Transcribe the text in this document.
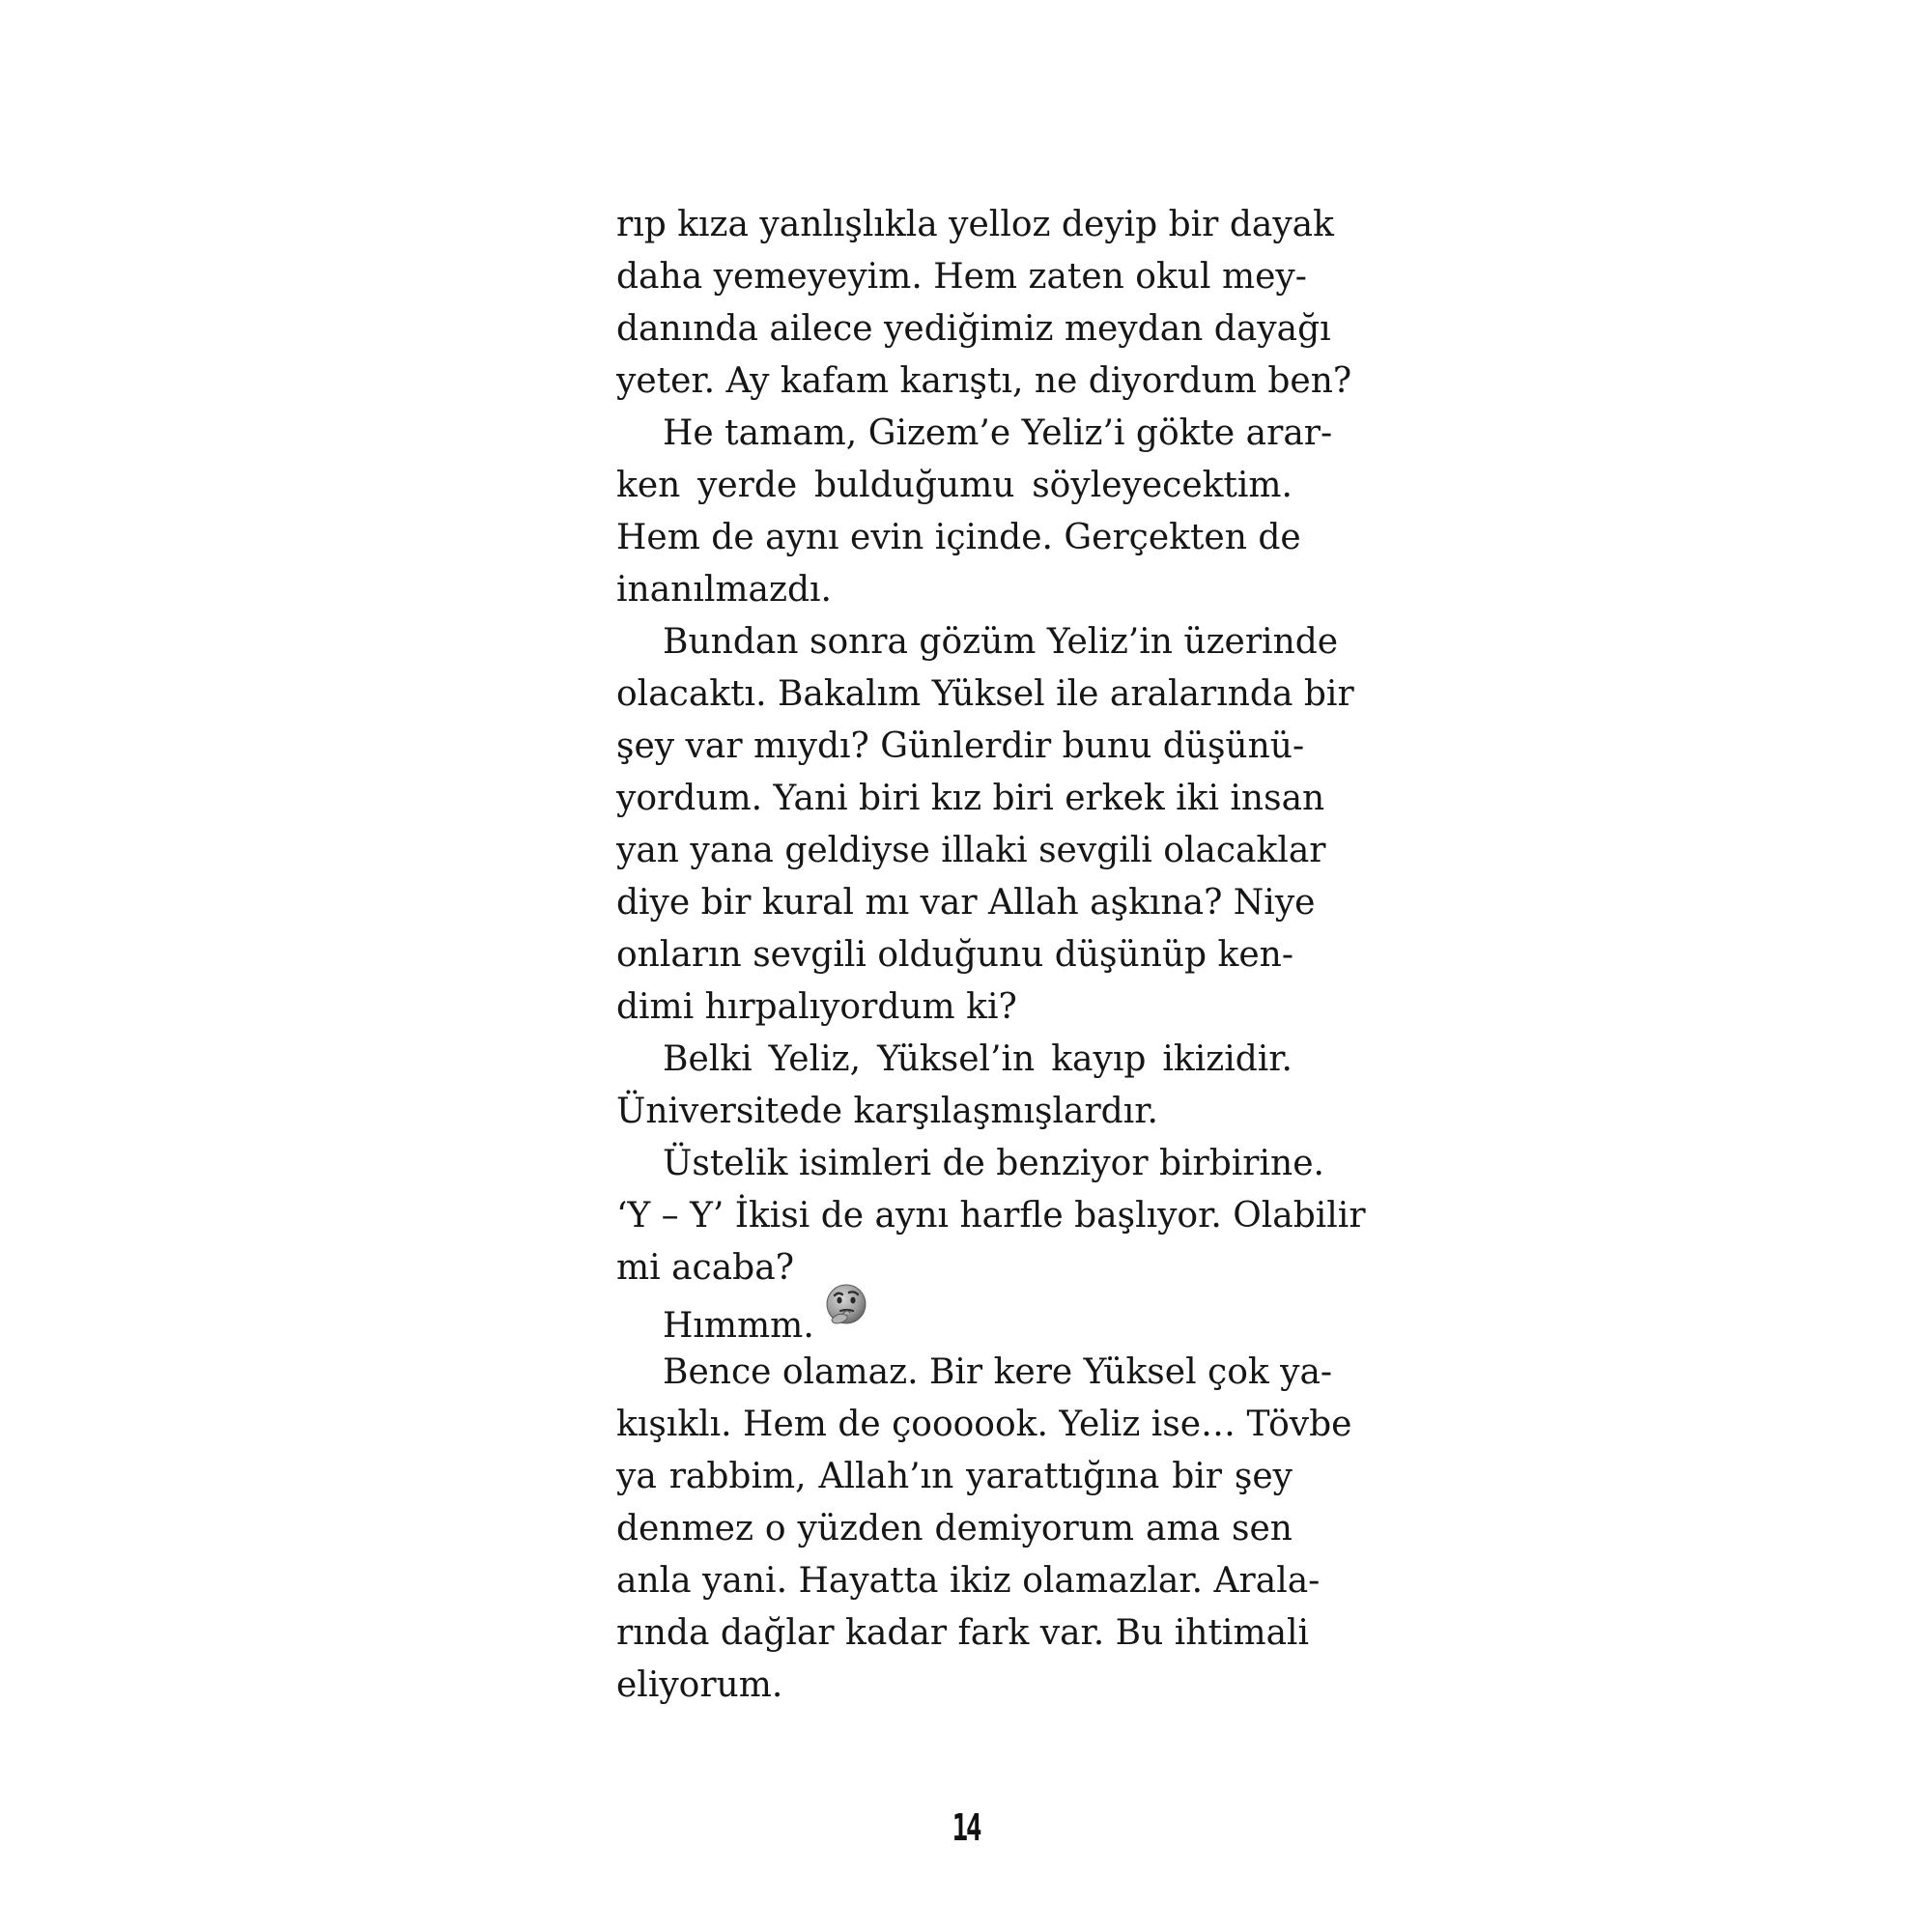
rıp kıza yanlışlıkla yelloz deyip bir dayak
daha yemeyeyim. Hem zaten okul mey-
danında ailece yediğimiz meydan dayağı
yeter. Ay kafam karıştı, ne diyordum ben?
He tamam, Gizem’e Yeliz’i gökte arar-
ken yerde bulduğumu söyleyecektim.
Hem de aynı evin içinde. Gerçekten de
inanılmazdı.
Bundan sonra gözüm Yeliz’in üzerinde
olacaktı. Bakalım Yüksel ile aralarında bir
şey var mıydı? Günlerdir bunu düşünü-
yordum. Yani biri kız biri erkek iki insan
yan yana geldiyse illaki sevgili olacaklar
diye bir kural mı var Allah aşkına? Niye
onların sevgili olduğunu düşünüp ken-
dimi hırpalıyordum ki?
Belki Yeliz, Yüksel’in kayıp ikizidir.
Üniversitede karşılaşmışlardır.
Üstelik isimleri de benziyor birbirine.
‘Y – Y’ İkisi de aynı harfle başlıyor. Olabilir
mi acaba?
Hımmm.
Bence olamaz. Bir kere Yüksel çok ya-
kışıklı. Hem de çoooook. Yeliz ise… Tövbe
ya rabbim, Allah’ın yarattığına bir şey
denmez o yüzden demiyorum ama sen
anla yani. Hayatta ikiz olamazlar. Arala-
rında dağlar kadar fark var. Bu ihtimali
eliyorum.
14
